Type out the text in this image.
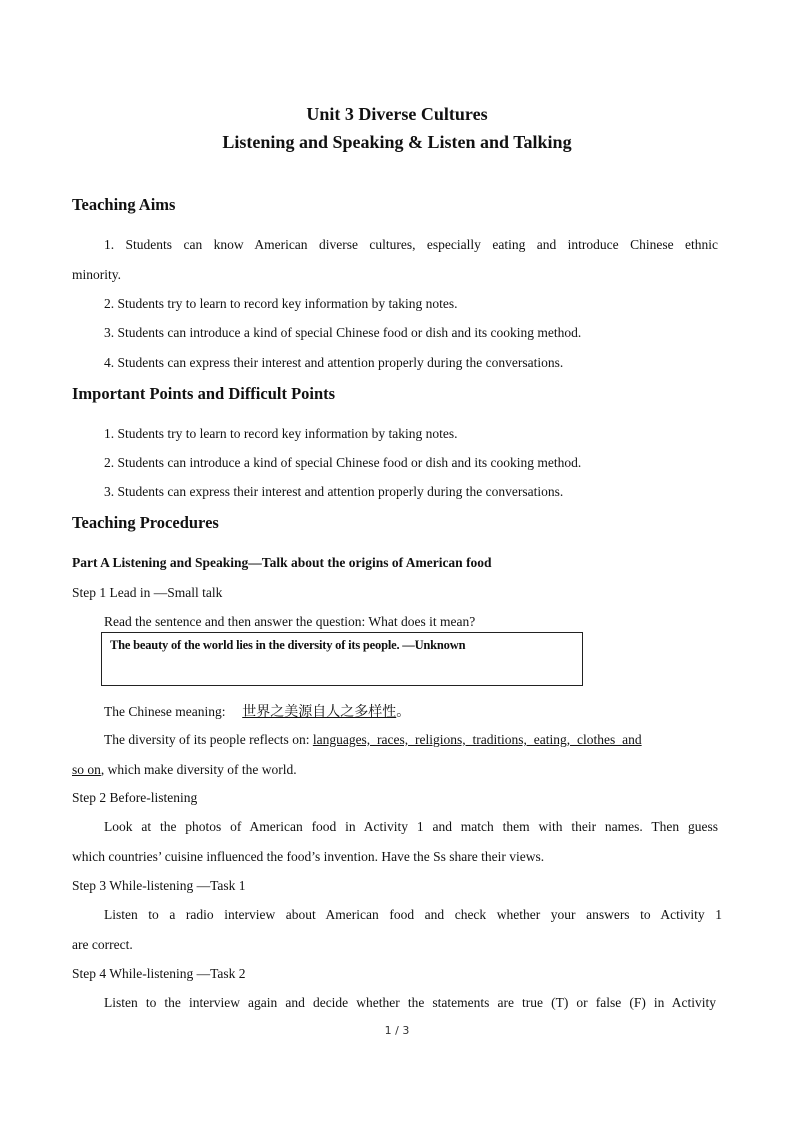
Unit 3 Diverse Cultures
Listening and Speaking & Listen and Talking
Teaching Aims
1. Students can know American diverse cultures, especially eating and introduce Chinese ethnic
minority.
2. Students try to learn to record key information by taking notes.
3. Students can introduce a kind of special Chinese food or dish and its cooking method.
4. Students can express their interest and attention properly during the conversations.
Important Points and Difficult Points
1. Students try to learn to record key information by taking notes.
2. Students can introduce a kind of special Chinese food or dish and its cooking method.
3. Students can express their interest and attention properly during the conversations.
Teaching Procedures
Part A Listening and Speaking—Talk about the origins of American food
Step 1 Lead in —Small talk
Read the sentence and then answer the question: What does it mean?
The beauty of the world lies in the diversity of its people. —Unknown
The Chinese meaning: 世界之美源自人之多样性。
The diversity of its people reflects on: languages, races, religions, traditions, eating, clothes and
so on, which make diversity of the world.
Step 2 Before-listening
Look at the photos of American food in Activity 1 and match them with their names. Then guess
which countries’ cuisine influenced the food’s invention. Have the Ss share their views.
Step 3 While-listening —Task 1
Listen to a radio interview about American food and check whether your answers to Activity 1
are correct.
Step 4 While-listening —Task 2
Listen to the interview again and decide whether the statements are true (T) or false (F) in Activity
1 / 3
